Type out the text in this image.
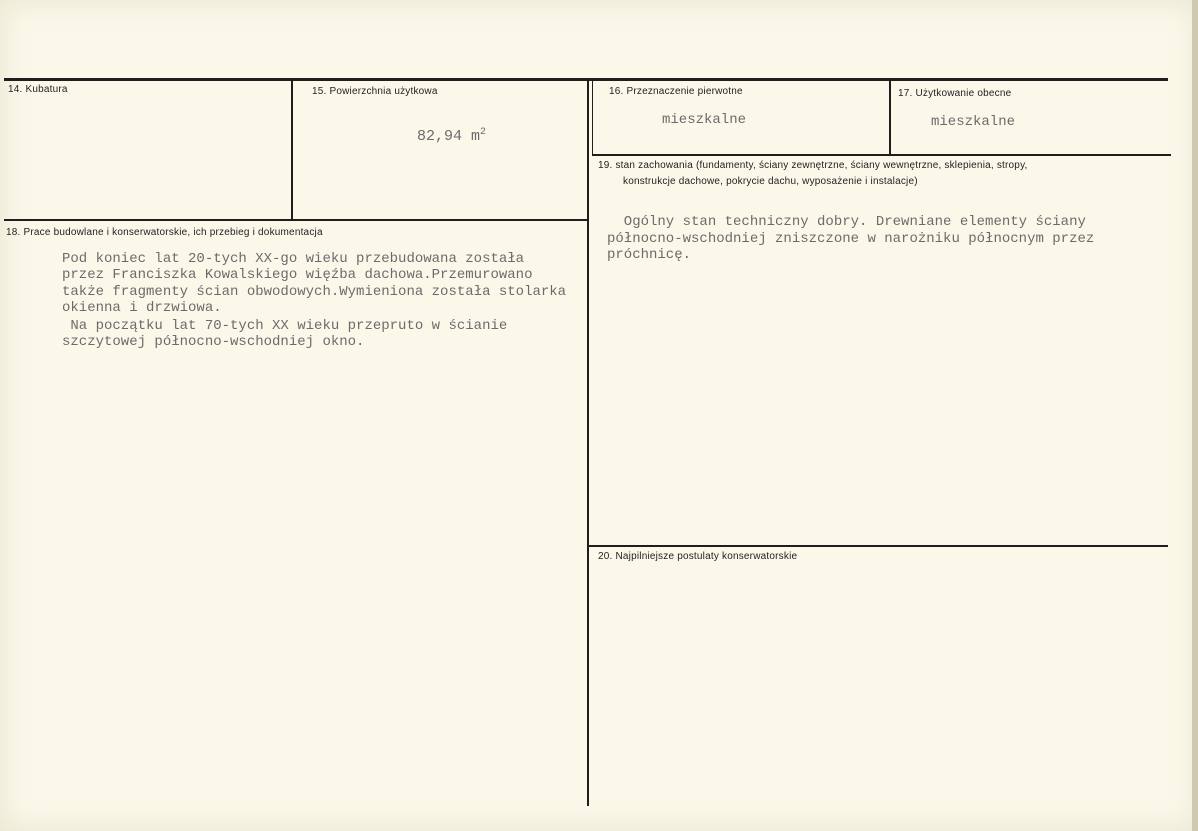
14. Kubatura	15. Powierzchnia użytkowa

82,94 $m^2$

16. Przeznaczenie pierwotne
mieszkalne
17. Użytkowanie obecne
mieszkalne
19. stan zachowania (fundamenty, ściany zewnętrzne, ściany wewnętrzne, sklepienia, stropy,
konstrukcje dachowe, pokrycie dachu, wyposażenie i instalacje)
Ogólny stan techniczny dobry. Drewniane elementy ściany
północno-wschodniej zniszczone w narożniku północnym przez
próchnicę.
18. Prace budowlane i konserwatorskie, ich przebieg i dokumentacja
Pod koniec lat 20-tych XX-go wieku przebudowana została
przez Franciszka Kowalskiego więźba dachowa.Przemurowano
także fragmenty ścian obwodowych.Wymieniona została stolarka
okienna i drzwiowa.
Na początku lat 70-tych XX wieku przepruto w ścianie
szczytowej północno-wschodniej okno.
20. Najpilniejsze postulaty konserwatorskie
